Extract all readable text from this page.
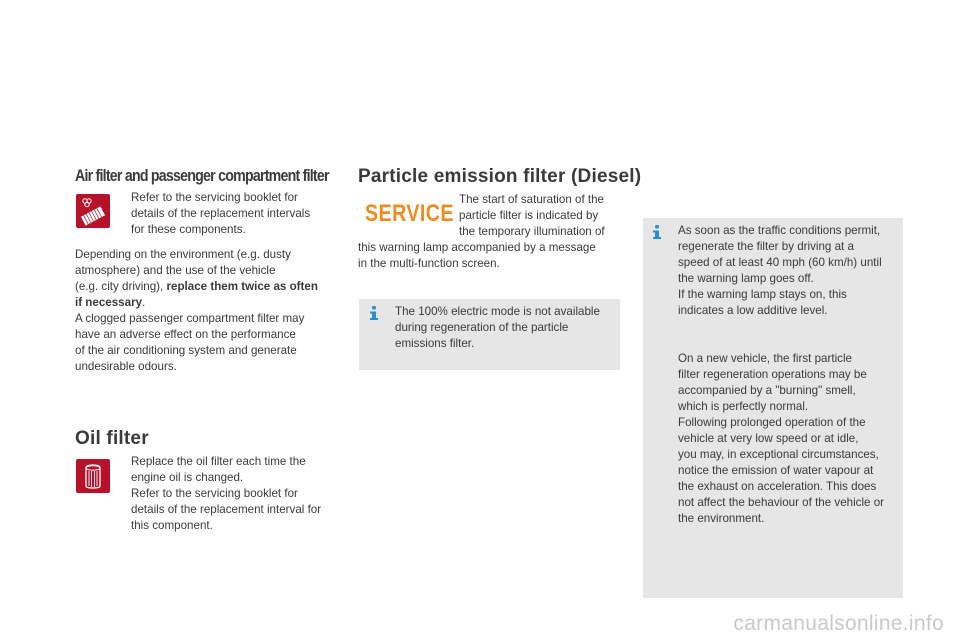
Air filter and passenger compartment filter
Refer to the servicing booklet for
details of the replacement intervals
for these components.
Depending on the environment (e.g. dusty
atmosphere) and the use of the vehicle
(e.g. city driving), replace them twice as often
if necessary.
A clogged passenger compartment filter may
have an adverse effect on the performance
of the air conditioning system and generate
undesirable odours.
Oil filter
Replace the oil filter each time the
engine oil is changed.
Refer to the servicing booklet for
details of the replacement interval for
this component.
Particle emission filter (Diesel)
SERVICE
The start of saturation of the
particle filter is indicated by
the temporary illumination of
this warning lamp accompanied by a message
in the multi-function screen.
The 100% electric mode is not available
during regeneration of the particle
emissions filter.
As soon as the traffic conditions permit,
regenerate the filter by driving at a
speed of at least 40 mph (60 km/h) until
the warning lamp goes off.
If the warning lamp stays on, this
indicates a low additive level.
On a new vehicle, the first particle
filter regeneration operations may be
accompanied by a "burning" smell,
which is perfectly normal.
Following prolonged operation of the
vehicle at very low speed or at idle,
you may, in exceptional circumstances,
notice the emission of water vapour at
the exhaust on acceleration. This does
not affect the behaviour of the vehicle or
the environment.
carmanualsonline.info
